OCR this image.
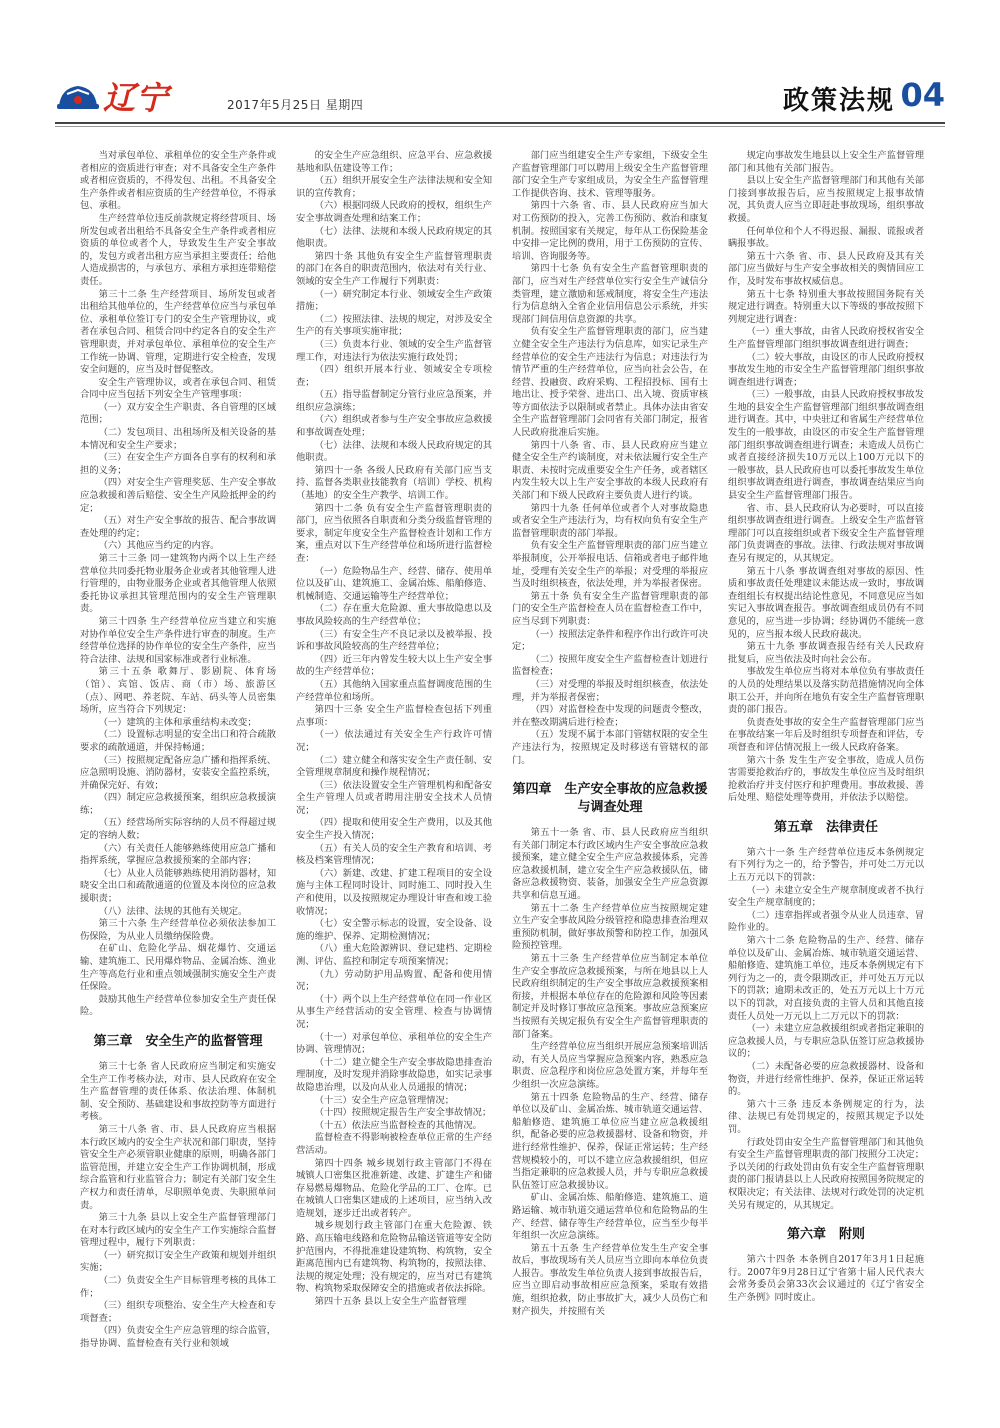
辽宁	2017年5月25日 星期四	政策法规 04

当对承包单位、承租单位的安全生产条件或者相应的资质进行审查；对不具备安全生产条件或者相应资质的，不得发包、出租。不具备安全生产条件或者相应资质的生产经营单位，不得承包、承租。

生产经营单位违反前款规定将经营项目、场所发包或者出租给不具备安全生产条件或者相应资质的单位或者个人，导致发生生产安全事故的，发包方或者出租方应当承担主要责任；给他人造成损害的，与承包方、承租方承担连带赔偿责任。

第三十二条 生产经营项目、场所发包或者出租给其他单位的，生产经营单位应当与承包单位、承租单位签订专门的安全生产管理协议，或者在承包合同、租赁合同中约定各自的安全生产管理职责，并对承包单位、承租单位的安全生产工作统一协调、管理，定期进行安全检查，发现安全问题的，应当及时督促整改。

安全生产管理协议，或者在承包合同、租赁合同中应当包括下列安全生产管理事项：

（一）双方安全生产职责、各自管理的区域范围；

（二）发包项目、出租场所及相关设备的基本情况和安全生产要求；

（三）在安全生产方面各自享有的权利和承担的义务；

（四）对安全生产管理奖惩、生产安全事故应急救援和善后赔偿、安全生产风险抵押金的约定；

（五）对生产安全事故的报告、配合事故调查处理的约定；

（六）其他应当约定的内容。

第三十三条 同一建筑物内两个以上生产经营单位共同委托物业服务企业或者其他管理人进行管理的，由物业服务企业或者其他管理人依照委托协议承担其管理范围内的安全生产管理职责。

第三十四条 生产经营单位应当建立和实施对协作单位安全生产条件进行审查的制度。生产经营单位选择的协作单位的安全生产条件，应当符合法律、法规和国家标准或者行业标准。

第三十五条 歌舞厅、影剧院、体育场（馆）、宾馆、饭店、商（市）场、旅游区（点）、网吧、养老院、车站、码头等人员密集场所，应当符合下列规定：

（一）建筑的主体和承重结构未改变；

（二）设置标志明显的安全出口和符合疏散要求的疏散通道，并保持畅通；

（三）按照规定配备应急广播和指挥系统、应急照明设施、消防器材，安装安全监控系统，并确保完好、有效；

（四）制定应急救援预案，组织应急救援演练；

（五）经营场所实际容纳的人员不得超过规定的容纳人数；

（六）有关责任人能够熟练使用应急广播和指挥系统，掌握应急救援预案的全部内容；

（七）从业人员能够熟练使用消防器材，知晓安全出口和疏散通道的位置及本岗位的应急救援职责；

（八）法律、法规的其他有关规定。

第三十六条 生产经营单位必须依法参加工伤保险，为从业人员缴纳保险费。

在矿山、危险化学品、烟花爆竹、交通运输、建筑施工、民用爆炸物品、金属冶炼、渔业生产等高危行业和重点领域强制实施安全生产责任保险。

鼓励其他生产经营单位参加安全生产责任保险。

第三章　安全生产的监督管理

第三十七条 省人民政府应当制定和实施安全生产工作考核办法，对市、县人民政府在安全生产监督管理的责任体系、依法治理、体制机制、安全预防、基础建设和事故控防等方面进行考核。

第三十八条 省、市、县人民政府应当根据本行政区域内的安全生产状况和部门职责，坚持管安全生产必须管职业健康的原则，明确各部门监管范围，并建立安全生产工作协调机制，形成综合监管和行业监管合力；制定有关部门安全生产权力和责任清单，尽职照单免责、失职照单问责。

第三十九条 县以上安全生产监督管理部门在对本行政区域内的安全生产工作实施综合监督管理过程中，履行下列职责：

（一）研究拟订安全生产政策和规划并组织实施；

（二）负责安全生产目标管理考核的具体工作；

（三）组织专项整治、安全生产大检查和专项督查；

（四）负责安全生产应急管理的综合监管，指导协调、监督检查有关行业和领域

的安全生产应急组织、应急平台、应急救援基地和队伍建设等工作；

（五）组织开展安全生产法律法规和安全知识的宣传教育；

（六）根据同级人民政府的授权，组织生产安全事故调查处理和结案工作；

（七）法律、法规和本级人民政府规定的其他职责。

第四十条 其他负有安全生产监督管理职责的部门在各自的职责范围内，依法对有关行业、领域的安全生产工作履行下列职责：

（一）研究制定本行业、领域安全生产政策措施；

（二）按照法律、法规的规定，对涉及安全生产的有关事项实施审批；

（三）负责本行业、领域的安全生产监督管理工作，对违法行为依法实施行政处罚；

（四）组织开展本行业、领域安全专项检查；

（五）指导监督制定分管行业应急预案，并组织应急演练；

（六）组织或者参与生产安全事故应急救援和事故调查处理；

（七）法律、法规和本级人民政府规定的其他职责。

第四十一条 各级人民政府有关部门应当支持、监督各类职业技能教育（培训）学校、机构（基地）的安全生产教学、培训工作。

第四十二条 负有安全生产监督管理职责的部门，应当依照各自职责和分类分级监督管理的要求，制定年度安全生产监督检查计划和工作方案，重点对以下生产经营单位和场所进行监督检查：

（一）危险物品生产、经营、储存、使用单位以及矿山、建筑施工、金属冶炼、船舶修造、机械制造、交通运输等生产经营单位；

（二）存在重大危险源、重大事故隐患以及事故风险较高的生产经营单位；

（三）有安全生产不良记录以及被举报、投诉和事故风险较高的生产经营单位；

（四）近三年内曾发生较大以上生产安全事故的生产经营单位；

（五）其他纳入国家重点监督调度范围的生产经营单位和场所。

第四十三条 安全生产监督检查包括下列重点事项：

（一）依法通过有关安全生产行政许可情况；

（二）建立健全和落实安全生产责任制、安全管理规章制度和操作规程情况；

（三）依法设置安全生产管理机构和配备安全生产管理人员或者聘用注册安全技术人员情况；

（四）提取和使用安全生产费用，以及其他安全生产投入情况；

（五）有关人员的安全生产教育和培训、考核及档案管理情况；

（六）新建、改建、扩建工程项目的安全设施与主体工程同时设计、同时施工、同时投入生产和使用，以及按照规定办理设计审查和竣工验收情况；

（七）安全警示标志的设置，安全设备、设施的维护、保养、定期检测情况；

（八）重大危险源辨识、登记建档、定期检测、评估、监控和制定专项预案情况；

（九）劳动防护用品购置、配备和使用情况；

（十）两个以上生产经营单位在同一作业区从事生产经营活动的安全管理、检查与协调情况；

（十一）对承包单位、承租单位的安全生产协调、管理情况；

（十二）建立健全生产安全事故隐患排查治理制度，及时发现并消除事故隐患，如实记录事故隐患治理，以及向从业人员通报的情况；

（十三）安全生产应急管理情况；

（十四）按照规定报告生产安全事故情况；

（十五）依法应当监督检查的其他情况。

监督检查不得影响被检查单位正常的生产经营活动。

第四十四条 城乡规划行政主管部门不得在城镇人口密集区批准新建、改建、扩建生产和储存易燃易爆物品、危险化学品的工厂、仓库。已在城镇人口密集区建成的上述项目，应当纳入改造规划，逐步迁出或者转产。

城乡规划行政主管部门在重大危险源、铁路、高压输电线路和危险物品输送管道等安全防护范围内，不得批准建设建筑物、构筑物，安全距离范围内已有建筑物、构筑物的，按照法律、法规的规定处理；没有规定的，应当对已有建筑物、构筑物采取保障安全的措施或者依法拆除。

第四十五条 县以上安全生产监督管理

部门应当组建安全生产专家组，下级安全生产监督管理部门可以聘用上级安全生产监督管理部门安全生产专家组成员，为安全生产监督管理工作提供咨询、技术、管理等服务。

第四十六条 省、市、县人民政府应当加大对工伤预防的投入，完善工伤预防、救治和康复机制。按照国家有关规定，每年从工伤保险基金中安排一定比例的费用，用于工伤预防的宣传、培训、咨询服务等。

第四十七条 负有安全生产监督管理职责的部门，应当对生产经营单位实行安全生产诚信分类管理，建立激励和惩戒制度，将安全生产违法行为信息纳入全省企业信用信息公示系统，并实现部门间信用信息资源的共享。

负有安全生产监督管理职责的部门，应当建立健全安全生产违法行为信息库，如实记录生产经营单位的安全生产违法行为信息；对违法行为情节严重的生产经营单位，应当向社会公告，在经营、投融资、政府采购、工程招投标、国有土地出让、授予荣誉、进出口、出入境、资质审核等方面依法予以限制或者禁止。具体办法由省安全生产监督管理部门会同省有关部门制定，报省人民政府批准后实施。

第四十八条 省、市、县人民政府应当建立健全安全生产约谈制度，对未依法履行安全生产职责、未按时完成重要安全生产任务，或者辖区内发生较大以上生产安全事故的本级人民政府有关部门和下级人民政府主要负责人进行约谈。

第四十九条 任何单位或者个人对事故隐患或者安全生产违法行为，均有权向负有安全生产监督管理职责的部门举报。

负有安全生产监督管理职责的部门应当建立举报制度，公开举报电话、信箱或者电子邮件地址，受理有关安全生产的举报；对受理的举报应当及时组织核查，依法处理，并为举报者保密。

第五十条 负有安全生产监督管理职责的部门的安全生产监督检查人员在监督检查工作中，应当尽到下列职责：

（一）按照法定条件和程序作出行政许可决定；

（二）按照年度安全生产监督检查计划进行监督检查；

（三）对受理的举报及时组织核查，依法处理，并为举报者保密；

（四）对监督检查中发现的问题责令整改，并在整改期满后进行检查；

（五）发现不属于本部门管辖权限的安全生产违法行为，按照规定及时移送有管辖权的部门。

第四章　生产安全事故的应急救援与调查处理

第五十一条 省、市、县人民政府应当组织有关部门制定本行政区域内生产安全事故应急救援预案，建立健全安全生产应急救援体系，完善应急救援机制，建立安全生产应急救援队伍，储备应急救援物资、装备，加强安全生产应急资源共享和信息互通。

第五十二条 生产经营单位应当按照规定建立生产安全事故风险分级管控和隐患排查治理双重预防机制，做好事故预警和防控工作，加强风险预控管理。

第五十三条 生产经营单位应当制定本单位生产安全事故应急救援预案，与所在地县以上人民政府组织制定的生产安全事故应急救援预案相衔接，并根据本单位存在的危险源和风险等因素制定并及时修订事故应急预案。事故应急预案应当按照有关规定报负有安全生产监督管理职责的部门备案。

生产经营单位应当组织开展应急预案培训活动，有关人员应当掌握应急预案内容，熟悉应急职责、应急程序和岗位应急处置方案，并每年至少组织一次应急演练。

第五十四条 危险物品的生产、经营、储存单位以及矿山、金属冶炼、城市轨道交通运营、船舶修造、建筑施工单位应当建立应急救援组织，配备必要的应急救援器材、设备和物资，并进行经常性维护、保养，保证正常运转；生产经营规模较小的，可以不建立应急救援组织，但应当指定兼职的应急救援人员，并与专职应急救援队伍签订应急救援协议。

矿山、金属冶炼、船舶修造、建筑施工、道路运输、城市轨道交通运营单位和危险物品的生产、经营、储存等生产经营单位，应当至少每半年组织一次应急演练。

第五十五条 生产经营单位发生生产安全事故后，事故现场有关人员应当立即向本单位负责人报告。事故发生单位负责人接到事故报告后，应当立即启动事故相应应急预案，采取有效措施，组织抢救，防止事故扩大，减少人员伤亡和财产损失，并按照有关

规定向事故发生地县以上安全生产监督管理部门和其他有关部门报告。

县以上安全生产监督管理部门和其他有关部门接到事故报告后，应当按照规定上报事故情况，其负责人应当立即赶赴事故现场，组织事故救援。

任何单位和个人不得迟报、漏报、谎报或者瞒报事故。

第五十六条 省、市、县人民政府及其有关部门应当做好与生产安全事故相关的舆情回应工作，及时发布事故权威信息。

第五十七条 特别重大事故按照国务院有关规定进行调查。特别重大以下等级的事故按照下列规定进行调查：

（一）重大事故，由省人民政府授权省安全生产监督管理部门组织事故调查组进行调查；

（二）较大事故，由设区的市人民政府授权事故发生地的市安全生产监督管理部门组织事故调查组进行调查；

（三）一般事故，由县人民政府授权事故发生地的县安全生产监督管理部门组织事故调查组进行调查。其中，中央驻辽和省属生产经营单位发生的一般事故，由设区的市安全生产监督管理部门组织事故调查组进行调查；未造成人员伤亡或者直接经济损失10万元以上100万元以下的一般事故，县人民政府也可以委托事故发生单位组织事故调查组进行调查，事故调查结果应当向县安全生产监督管理部门报告。

省、市、县人民政府认为必要时，可以直接组织事故调查组进行调查。上级安全生产监督管理部门可以直接组织或者下级安全生产监督管理部门负责调查的事故。法律、行政法规对事故调查另有规定的，从其规定。

第五十八条 事故调查组对事故的原因、性质和事故责任处理建议未能达成一致时，事故调查组组长有权提出结论性意见，不同意见应当如实记入事故调查报告。事故调查组成员仍有不同意见的，应当进一步协调；经协调仍不能统一意见的，应当报本级人民政府裁决。

第五十九条 事故调查报告经有关人民政府批复后，应当依法及时向社会公布。

事故发生单位应当将对本单位负有事故责任的人员的处理结果以及落实防范措施情况向全体职工公开，并向所在地负有安全生产监督管理职责的部门报告。

负责查处事故的安全生产监督管理部门应当在事故结案一年后及时组织专项督查和评估，专项督查和评估情况报上一级人民政府备案。

第六十条 发生生产安全事故，造成人员伤害需要抢救治疗的，事故发生单位应当及时组织抢救治疗并支付医疗和护理费用。事故救援、善后处理、赔偿处理等费用，并依法予以赔偿。

第五章　法律责任

第六十一条 生产经营单位违反本条例规定有下列行为之一的，给予警告，并可处二万元以上五万元以下的罚款：

（一）未建立安全生产规章制度或者不执行安全生产规章制度的；

（二）违章指挥或者强令从业人员违章、冒险作业的。

第六十二条 危险物品的生产、经营、储存单位以及矿山、金属冶炼、城市轨道交通运营、船舶修造、建筑施工单位，违反本条例规定有下列行为之一的，责令限期改正，并可处五万元以下的罚款；逾期未改正的，处五万元以上十万元以下的罚款，对直接负责的主管人员和其他直接责任人员处一万元以上二万元以下的罚款：

（一）未建立应急救援组织或者指定兼职的应急救援人员，与专职应急队伍签订应急救援协议的；

（二）未配备必要的应急救援器材、设备和物资，并进行经常性维护、保养，保证正常运转的。

第六十三条 违反本条例规定的行为，法律、法规已有处罚规定的，按照其规定予以处罚。

行政处罚由安全生产监督管理部门和其他负有安全生产监督管理职责的部门按照分工决定；予以关闭的行政处罚由负有安全生产监督管理职责的部门报请县以上人民政府按照国务院规定的权限决定；有关法律、法规对行政处罚的决定机关另有规定的，从其规定。

第六章　附则

第六十四条 本条例自2017年3月1日起施行。2007年9月28日辽宁省第十届人民代表大会常务委员会第33次会议通过的《辽宁省安全生产条例》同时废止。
